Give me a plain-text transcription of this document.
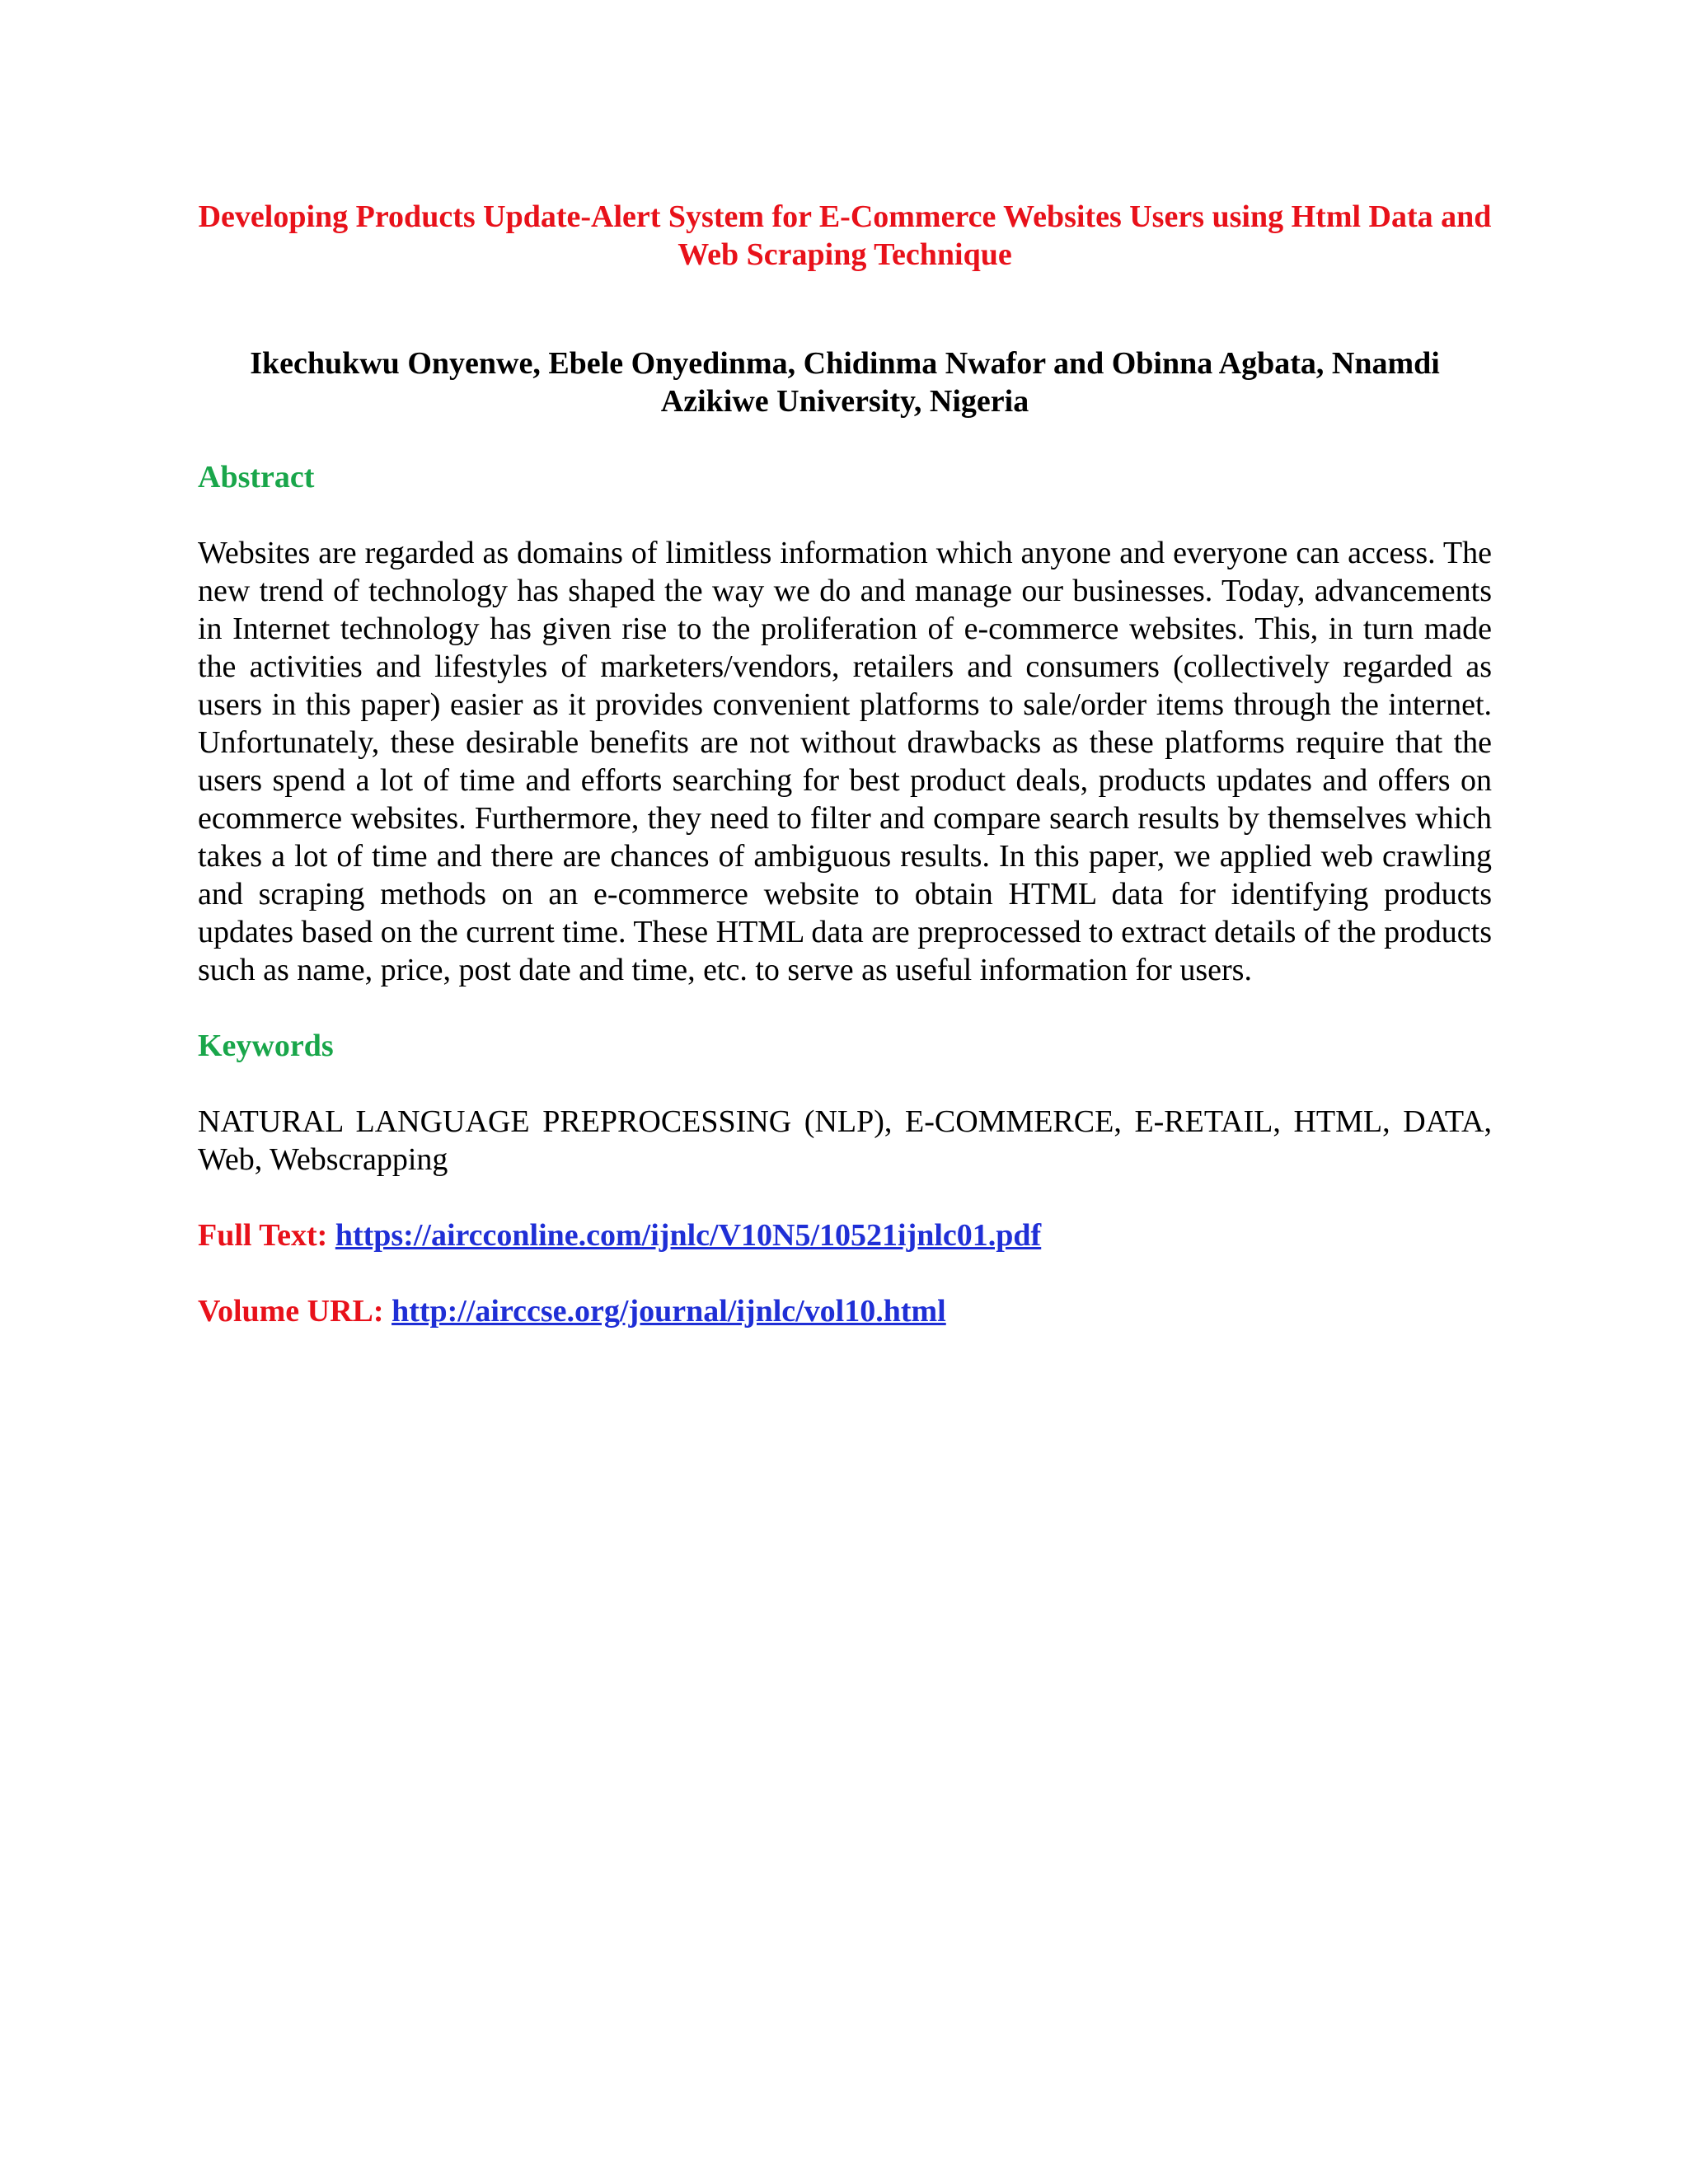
Developing Products Update-Alert System for E-Commerce Websites Users using Html Data and Web Scraping Technique

Ikechukwu Onyenwe, Ebele Onyedinma, Chidinma Nwafor and Obinna Agbata, Nnamdi Azikiwe University, Nigeria

Abstract

Websites are regarded as domains of limitless information which anyone and everyone can access. The new trend of technology has shaped the way we do and manage our businesses. Today, advancements in Internet technology has given rise to the proliferation of e-commerce websites. This, in turn made the activities and lifestyles of marketers/vendors, retailers and consumers (collectively regarded as users in this paper) easier as it provides convenient platforms to sale/order items through the internet. Unfortunately, these desirable benefits are not without drawbacks as these platforms require that the users spend a lot of time and efforts searching for best product deals, products updates and offers on ecommerce websites. Furthermore, they need to filter and compare search results by themselves which takes a lot of time and there are chances of ambiguous results. In this paper, we applied web crawling and scraping methods on an e-commerce website to obtain HTML data for identifying products updates based on the current time. These HTML data are preprocessed to extract details of the products such as name, price, post date and time, etc. to serve as useful information for users.

Keywords

NATURAL LANGUAGE PREPROCESSING (NLP), E-COMMERCE, E-RETAIL, HTML, DATA, Web, Webscrapping

Full Text: https://aircconline.com/ijnlc/V10N5/10521ijnlc01.pdf

Volume URL: http://airccse.org/journal/ijnlc/vol10.html
